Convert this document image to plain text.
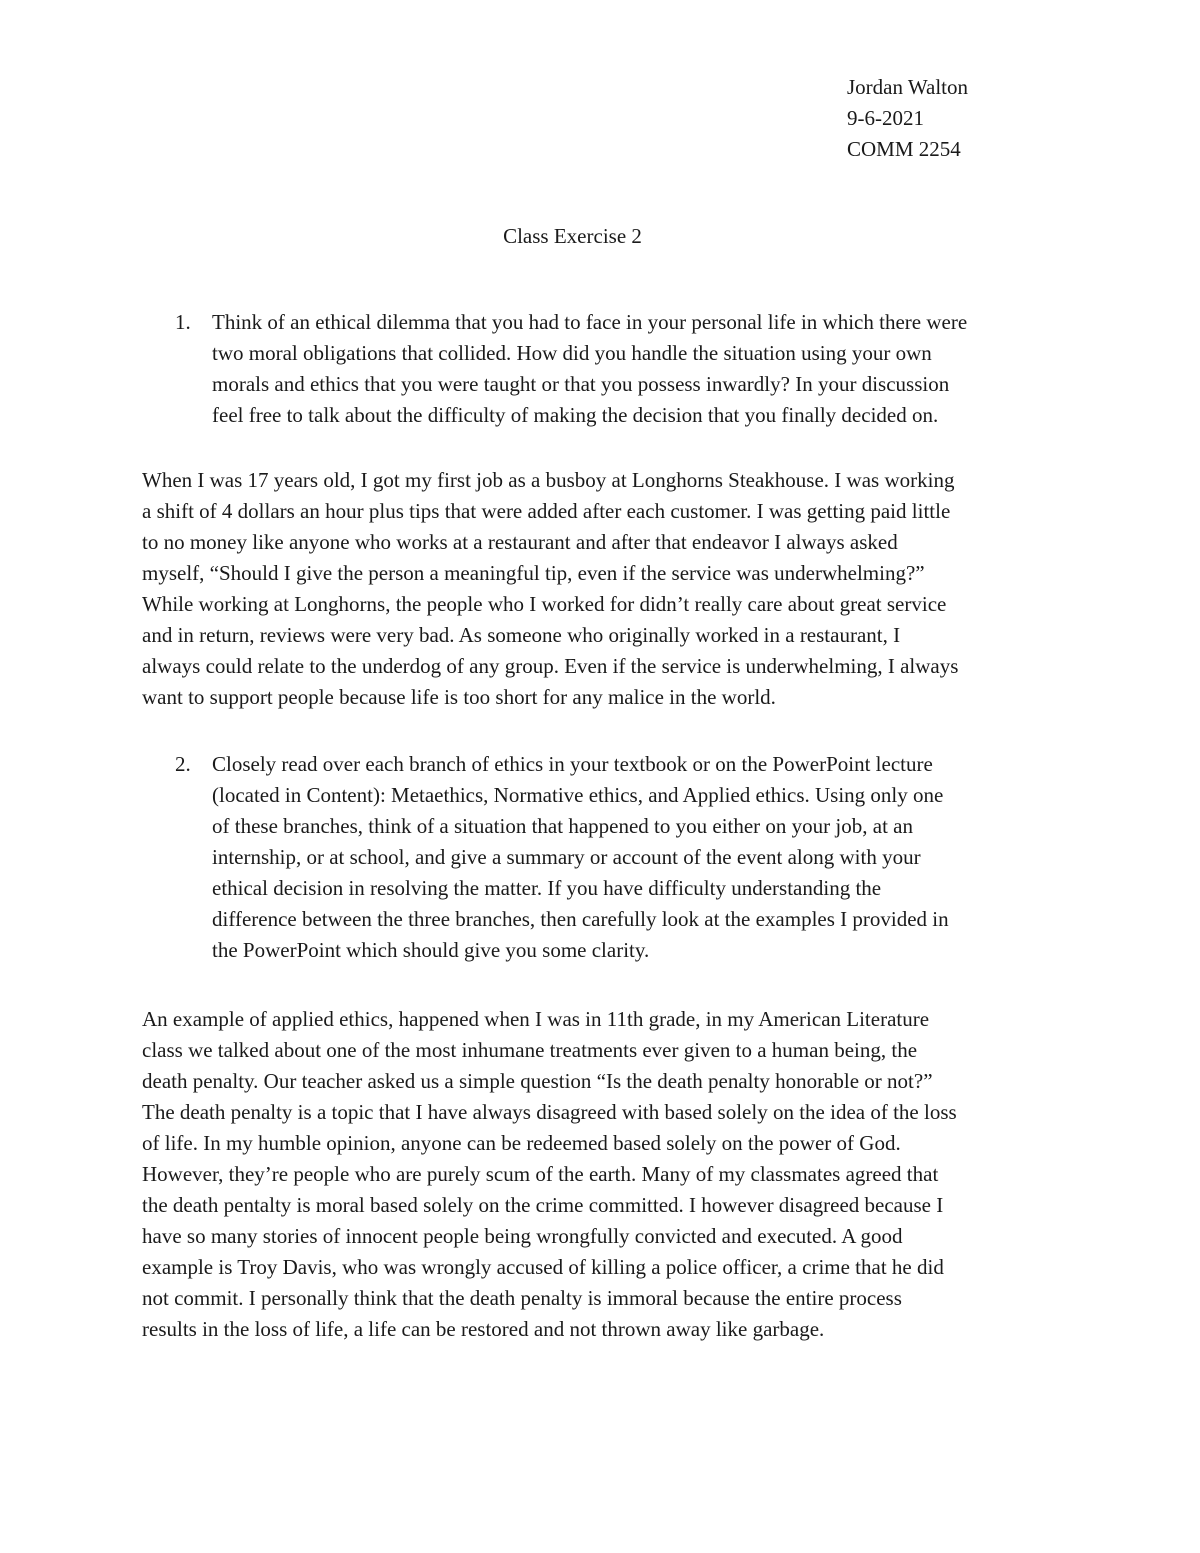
Jordan Walton
9-6-2021
COMM 2254
Class Exercise 2
1. Think of an ethical dilemma that you had to face in your personal life in which there were
two moral obligations that collided. How did you handle the situation using your own
morals and ethics that you were taught or that you possess inwardly? In your discussion
feel free to talk about the difficulty of making the decision that you finally decided on.
When I was 17 years old, I got my first job as a busboy at Longhorns Steakhouse. I was working
a shift of 4 dollars an hour plus tips that were added after each customer. I was getting paid little
to no money like anyone who works at a restaurant and after that endeavor I always asked
myself, “Should I give the person a meaningful tip, even if the service was underwhelming?”
While working at Longhorns, the people who I worked for didn’t really care about great service
and in return, reviews were very bad. As someone who originally worked in a restaurant, I
always could relate to the underdog of any group. Even if the service is underwhelming, I always
want to support people because life is too short for any malice in the world.
2. Closely read over each branch of ethics in your textbook or on the PowerPoint lecture
(located in Content): Metaethics, Normative ethics, and Applied ethics. Using only one
of these branches, think of a situation that happened to you either on your job, at an
internship, or at school, and give a summary or account of the event along with your
ethical decision in resolving the matter. If you have difficulty understanding the
difference between the three branches, then carefully look at the examples I provided in
the PowerPoint which should give you some clarity.
An example of applied ethics, happened when I was in 11th grade, in my American Literature
class we talked about one of the most inhumane treatments ever given to a human being, the
death penalty. Our teacher asked us a simple question “Is the death penalty honorable or not?”
The death penalty is a topic that I have always disagreed with based solely on the idea of the loss
of life. In my humble opinion, anyone can be redeemed based solely on the power of God.
However, they’re people who are purely scum of the earth. Many of my classmates agreed that
the death pentalty is moral based solely on the crime committed. I however disagreed because I
have so many stories of innocent people being wrongfully convicted and executed. A good
example is Troy Davis, who was wrongly accused of killing a police officer, a crime that he did
not commit. I personally think that the death penalty is immoral because the entire process
results in the loss of life, a life can be restored and not thrown away like garbage.
